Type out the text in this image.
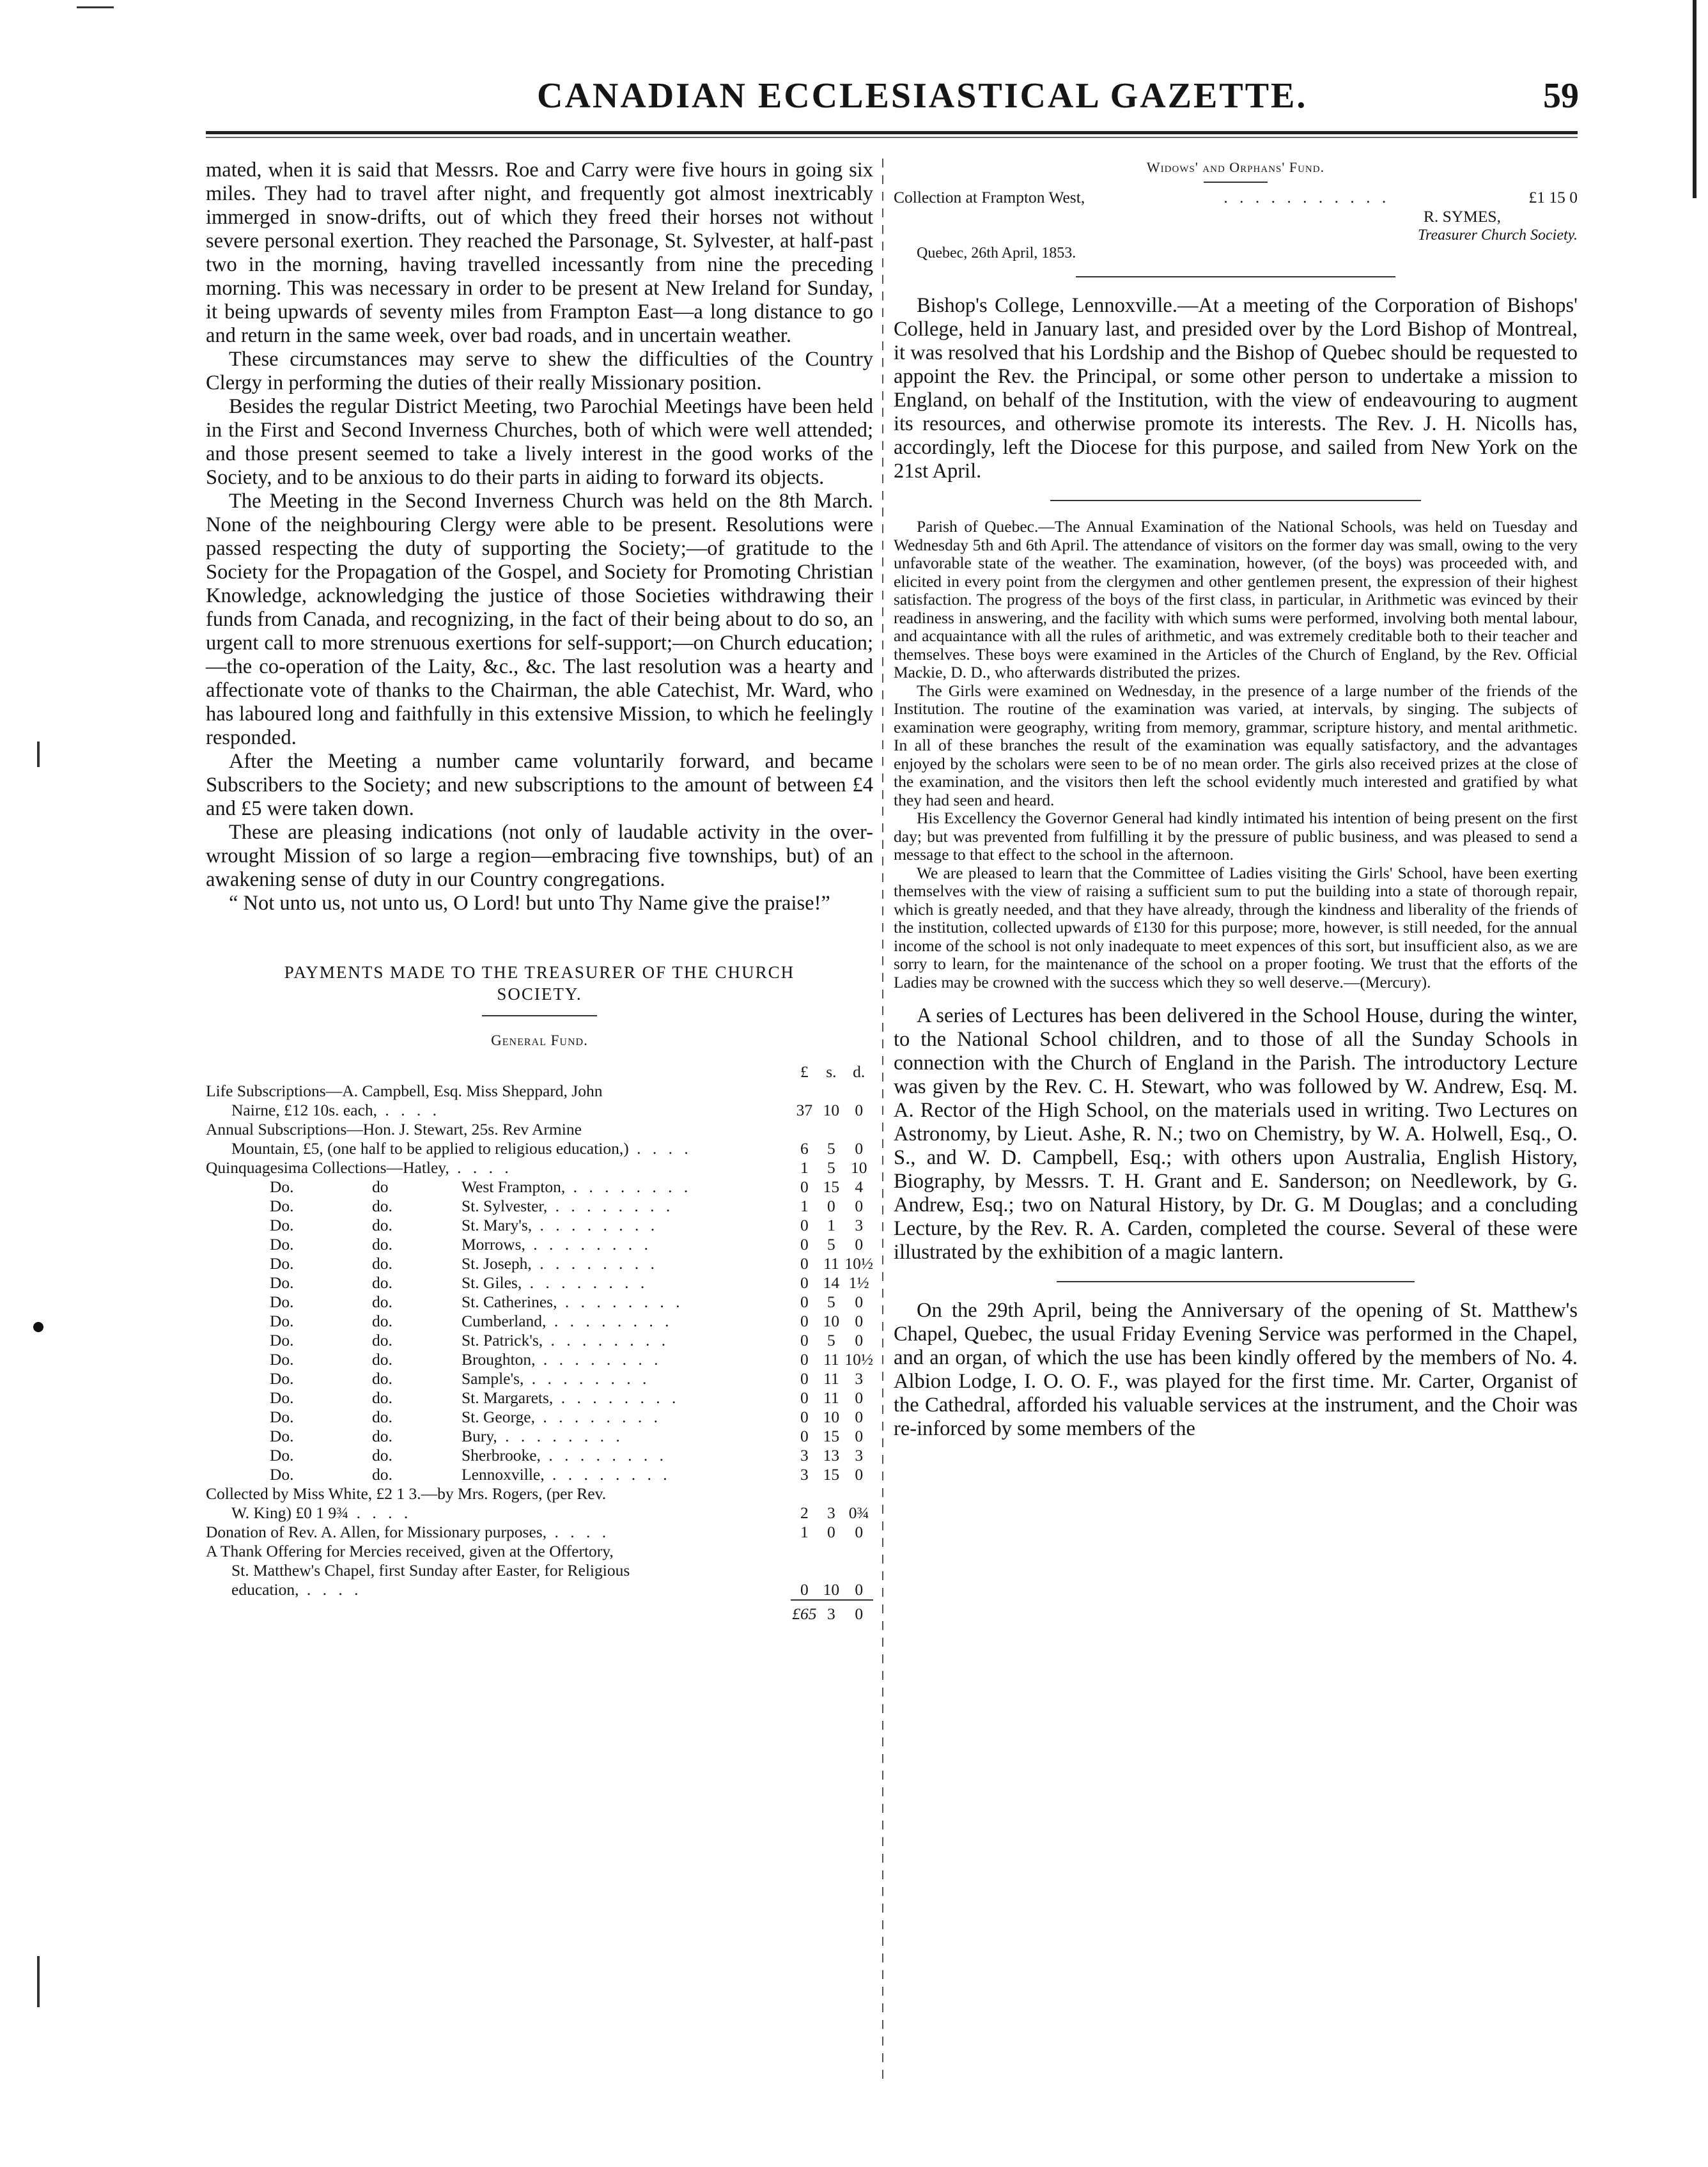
CANADIAN ECCLESIASTICAL GAZETTE.	59

mated, when it is said that Messrs. Roe and Carry were five hours in going six miles. They had to travel after night, and frequently got almost inextricably immerged in snow-drifts, out of which they freed their horses not without severe personal exertion. They reached the Parsonage, St. Sylvester, at half-past two in the morning, having travelled incessantly from nine the preceding morning. This was necessary in order to be present at New Ireland for Sunday, it being upwards of seventy miles from Frampton East—a long distance to go and return in the same week, over bad roads, and in uncertain weather.

These circumstances may serve to shew the difficulties of the Country Clergy in performing the duties of their really Missionary position.

Besides the regular District Meeting, two Parochial Meetings have been held in the First and Second Inverness Churches, both of which were well attended; and those present seemed to take a lively interest in the good works of the Society, and to be anxious to do their parts in aiding to forward its objects.

The Meeting in the Second Inverness Church was held on the 8th March. None of the neighbouring Clergy were able to be present. Resolutions were passed respecting the duty of supporting the Society;—of gratitude to the Society for the Propagation of the Gospel, and Society for Promoting Christian Knowledge, acknowledging the justice of those Societies withdrawing their funds from Canada, and recognizing, in the fact of their being about to do so, an urgent call to more strenuous exertions for self-support;—on Church education;—the co-operation of the Laity, &c., &c. The last resolution was a hearty and affectionate vote of thanks to the Chairman, the able Catechist, Mr. Ward, who has laboured long and faithfully in this extensive Mission, to which he feelingly responded.

After the Meeting a number came voluntarily forward, and became Subscribers to the Society; and new subscriptions to the amount of between £4 and £5 were taken down.

These are pleasing indications (not only of laudable activity in the over-wrought Mission of so large a region—embracing five townships, but) of an awakening sense of duty in our Country congregations.

“ Not unto us, not unto us, O Lord! but unto Thy Name give the praise!”

PAYMENTS MADE TO THE TREASURER OF THE CHURCH SOCIETY.

General Fund.

			£	s.	d.
Life Subscriptions—A. Campbell, Esq. Miss Sheppard, John					
Nairne, £12 10s. each, . . . .			37	10	0
Annual Subscriptions—Hon. J. Stewart, 25s. Rev Armine					
Mountain, £5, (one half to be applied to religious education,) . . . .			6	5	0
Quinquagesima Collections—Hatley, . . . .			1	5	10
Do.	do	West Frampton, . . . . . . . .	0	15	4
Do.	do.	St. Sylvester, . . . . . . . .	1	0	0
Do.	do.	St. Mary's, . . . . . . . .	0	1	3
Do.	do.	Morrows, . . . . . . . .	0	5	0
Do.	do.	St. Joseph, . . . . . . . .	0	11	10½
Do.	do.	St. Giles, . . . . . . . .	0	14	1½
Do.	do.	St. Catherines, . . . . . . . .	0	5	0
Do.	do.	Cumberland, . . . . . . . .	0	10	0
Do.	do.	St. Patrick's, . . . . . . . .	0	5	0
Do.	do.	Broughton, . . . . . . . .	0	11	10½
Do.	do.	Sample's, . . . . . . . .	0	11	3
Do.	do.	St. Margarets, . . . . . . . .	0	11	0
Do.	do.	St. George, . . . . . . . .	0	10	0
Do.	do.	Bury, . . . . . . . .	0	15	0
Do.	do.	Sherbrooke, . . . . . . . .	3	13	3
Do.	do.	Lennoxville, . . . . . . . .	3	15	0
Collected by Miss White, £2 1 3.—by Mrs. Rogers, (per Rev.					
W. King) £0 1 9¾ . . . .			2	3	0¾
Donation of Rev. A. Allen, for Missionary purposes, . . . .			1	0	0
A Thank Offering for Mercies received, given at the Offertory,					
St. Matthew's Chapel, first Sunday after Easter, for Religious					
education, . . . .			0	10	0
			£65	3	0

Widows' and Orphans' Fund.

Collection at Frampton West,	. . . . . . . . . . .	£1 15 0

R. SYMES,

Treasurer Church Society.

Quebec, 26th April, 1853.

Bishop's College, Lennoxville.—At a meeting of the Corporation of Bishops' College, held in January last, and presided over by the Lord Bishop of Montreal, it was resolved that his Lordship and the Bishop of Quebec should be requested to appoint the Rev. the Principal, or some other person to undertake a mission to England, on behalf of the Institution, with the view of endeavouring to augment its resources, and otherwise promote its interests. The Rev. J. H. Nicolls has, accordingly, left the Diocese for this purpose, and sailed from New York on the 21st April.

Parish of Quebec.—The Annual Examination of the National Schools, was held on Tuesday and Wednesday 5th and 6th April. The attendance of visitors on the former day was small, owing to the very unfavorable state of the weather. The examination, however, (of the boys) was proceeded with, and elicited in every point from the clergymen and other gentlemen present, the expression of their highest satisfaction. The progress of the boys of the first class, in particular, in Arithmetic was evinced by their readiness in answering, and the facility with which sums were performed, involving both mental labour, and acquaintance with all the rules of arithmetic, and was extremely creditable both to their teacher and themselves. These boys were examined in the Articles of the Church of England, by the Rev. Official Mackie, D. D., who afterwards distributed the prizes.

The Girls were examined on Wednesday, in the presence of a large number of the friends of the Institution. The routine of the examination was varied, at intervals, by singing. The subjects of examination were geography, writing from memory, grammar, scripture history, and mental arithmetic. In all of these branches the result of the examination was equally satisfactory, and the advantages enjoyed by the scholars were seen to be of no mean order. The girls also received prizes at the close of the examination, and the visitors then left the school evidently much interested and gratified by what they had seen and heard.

His Excellency the Governor General had kindly intimated his intention of being present on the first day; but was prevented from fulfilling it by the pressure of public business, and was pleased to send a message to that effect to the school in the afternoon.

We are pleased to learn that the Committee of Ladies visiting the Girls' School, have been exerting themselves with the view of raising a sufficient sum to put the building into a state of thorough repair, which is greatly needed, and that they have already, through the kindness and liberality of the friends of the institution, collected upwards of £130 for this purpose; more, however, is still needed, for the annual income of the school is not only inadequate to meet expences of this sort, but insufficient also, as we are sorry to learn, for the maintenance of the school on a proper footing. We trust that the efforts of the Ladies may be crowned with the success which they so well deserve.—(Mercury).

A series of Lectures has been delivered in the School House, during the winter, to the National School children, and to those of all the Sunday Schools in connection with the Church of England in the Parish. The introductory Lecture was given by the Rev. C. H. Stewart, who was followed by W. Andrew, Esq. M. A. Rector of the High School, on the materials used in writing. Two Lectures on Astronomy, by Lieut. Ashe, R. N.; two on Chemistry, by W. A. Holwell, Esq., O. S., and W. D. Campbell, Esq.; with others upon Australia, English History, Biography, by Messrs. T. H. Grant and E. Sanderson; on Needlework, by G. Andrew, Esq.; two on Natural History, by Dr. G. M Douglas; and a concluding Lecture, by the Rev. R. A. Carden, completed the course. Several of these were illustrated by the exhibition of a magic lantern.

On the 29th April, being the Anniversary of the opening of St. Matthew's Chapel, Quebec, the usual Friday Evening Service was performed in the Chapel, and an organ, of which the use has been kindly offered by the members of No. 4. Albion Lodge, I. O. O. F., was played for the first time. Mr. Carter, Organist of the Cathedral, afforded his valuable services at the instrument, and the Choir was re-inforced by some members of the
